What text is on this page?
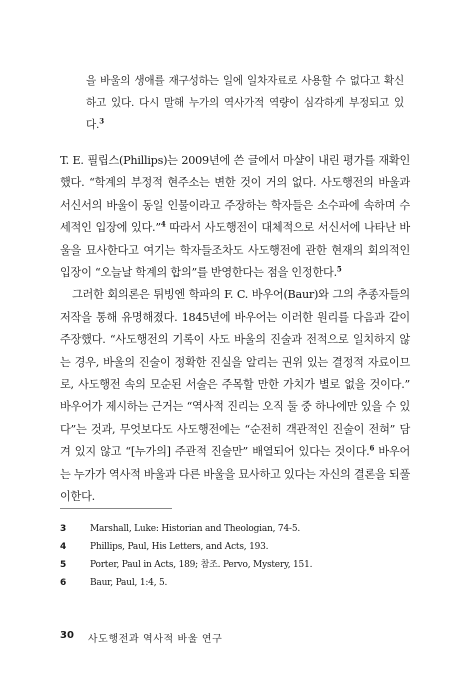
을 바울의 생애를 재구성하는 일에 일차자료로 사용할 수 없다고 확신하고 있다. 다시 말해 누가의 역사가적 역량이 심각하게 부정되고 있다.$^3$

T. E. 필립스(Phillips)는 2009년에 쓴 글에서 마샬이 내린 평가를 재확인했다. “학계의 부정적 현주소는 변한 것이 거의 없다. 사도행전의 바울과 서신서의 바울이 동일 인물이라고 주장하는 학자들은 소수파에 속하며 수세적인 입장에 있다.”$^4$ 따라서 사도행전이 대체적으로 서신서에 나타난 바울을 묘사한다고 여기는 학자들조차도 사도행전에 관한 현재의 회의적인 입장이 “오늘날 학계의 합의”를 반영한다는 점을 인정한다.$^5$

그러한 회의론은 튀빙엔 학파의 F. C. 바우어(Baur)와 그의 추종자들의 저작을 통해 유명해졌다. 1845년에 바우어는 이러한 원리를 다음과 같이 주장했다. “사도행전의 기록이 사도 바울의 진술과 전적으로 일치하지 않는 경우, 바울의 진술이 정확한 진실을 알리는 권위 있는 결정적 자료이므로, 사도행전 속의 모순된 서술은 주목할 만한 가치가 별로 없을 것이다.” 바우어가 제시하는 근거는 “역사적 진리는 오직 둘 중 하나에만 있을 수 있다”는 것과, 무엇보다도 사도행전에는 “순전히 객관적인 진술이 전혀” 담겨 있지 않고 “[누가의] 주관적 진술만” 배열되어 있다는 것이다.$^6$ 바우어는 누가가 역사적 바울과 다른 바울을 묘사하고 있다는 자신의 결론을 되풀이한다.

3	Marshall, Luke: Historian and Theologian, 74-5.
4	Phillips, Paul, His Letters, and Acts, 193.
5	Porter, Paul in Acts, 189; 참조. Pervo, Mystery, 151.
6	Baur, Paul, 1:4, 5.
30 사도행전과 역사적 바울 연구
